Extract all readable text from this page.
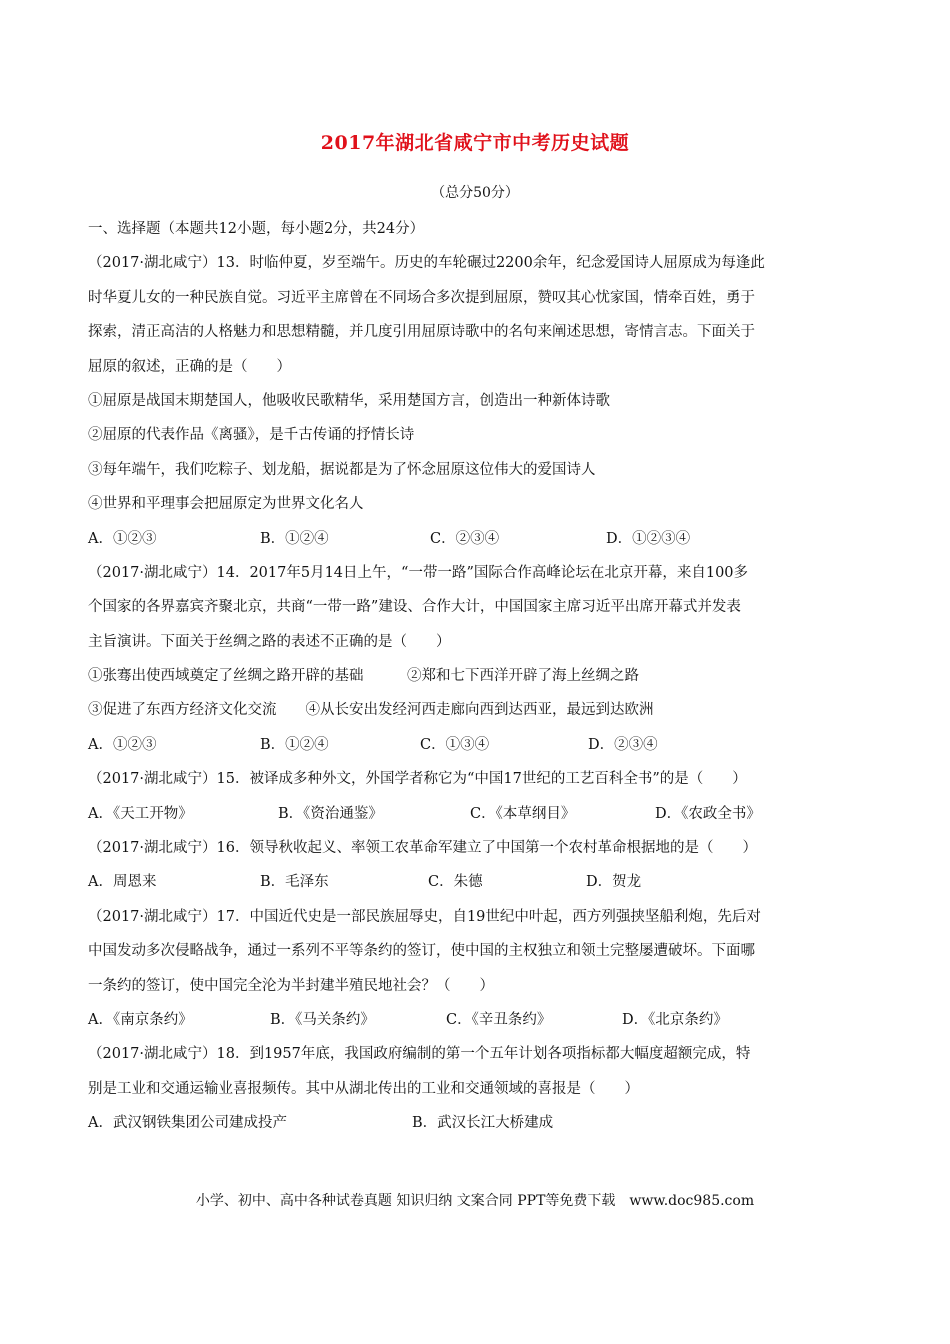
2017年湖北省咸宁市中考历史试题
（总分50分）
一、选择题（本题共12小题，每小题2分，共24分）
（2017·湖北咸宁）13．时临仲夏，岁至端午。历史的车轮碾过2200余年，纪念爱国诗人屈原成为每逢此
时华夏儿女的一种民族自觉。习近平主席曾在不同场合多次提到屈原，赞叹其心忧家国，情牵百姓，勇于
探索，清正高洁的人格魅力和思想精髓，并几度引用屈原诗歌中的名句来阐述思想，寄情言志。下面关于
屈原的叙述，正确的是（　　）
①屈原是战国末期楚国人，他吸收民歌精华，采用楚国方言，创造出一种新体诗歌
②屈原的代表作品《离骚》，是千古传诵的抒情长诗
③每年端午，我们吃粽子、划龙船，据说都是为了怀念屈原这位伟大的爱国诗人
④世界和平理事会把屈原定为世界文化名人
A．①②③	B．①②④	C．②③④	D．①②③④
（2017·湖北咸宁）14．2017年5月14日上午，“一带一路”国际合作高峰论坛在北京开幕，来自100多
个国家的各界嘉宾齐聚北京，共商“一带一路”建设、合作大计，中国国家主席习近平出席开幕式并发表
主旨演讲。下面关于丝绸之路的表述不正确的是（　　）
①张骞出使西域奠定了丝绸之路开辟的基础　　　②郑和七下西洋开辟了海上丝绸之路
③促进了东西方经济文化交流　　④从长安出发经河西走廊向西到达西亚，最远到达欧洲
A．①②③	B．①②④	C．①③④	D．②③④
（2017·湖北咸宁）15．被译成多种外文，外国学者称它为“中国17世纪的工艺百科全书”的是（　　）
A．《天工开物》	B．《资治通鉴》	C．《本草纲目》	D．《农政全书》
（2017·湖北咸宁）16．领导秋收起义、率领工农革命军建立了中国第一个农村革命根据地的是（　　）
A．周恩来	B．毛泽东	C．朱德	D．贺龙
（2017·湖北咸宁）17．中国近代史是一部民族屈辱史，自19世纪中叶起，西方列强挟坚船利炮，先后对
中国发动多次侵略战争，通过一系列不平等条约的签订，使中国的主权独立和领土完整屡遭破坏。下面哪
一条约的签订，使中国完全沦为半封建半殖民地社会？（　　）
A．《南京条约》	B．《马关条约》	C．《辛丑条约》	D．《北京条约》
（2017·湖北咸宁）18．到1957年底，我国政府编制的第一个五年计划各项指标都大幅度超额完成，特
别是工业和交通运输业喜报频传。其中从湖北传出的工业和交通领域的喜报是（　　）
A．武汉钢铁集团公司建成投产	B．武汉长江大桥建成
小学、初中、高中各种试卷真题 知识归纳 文案合同 PPT等免费下载　www.doc985.com
